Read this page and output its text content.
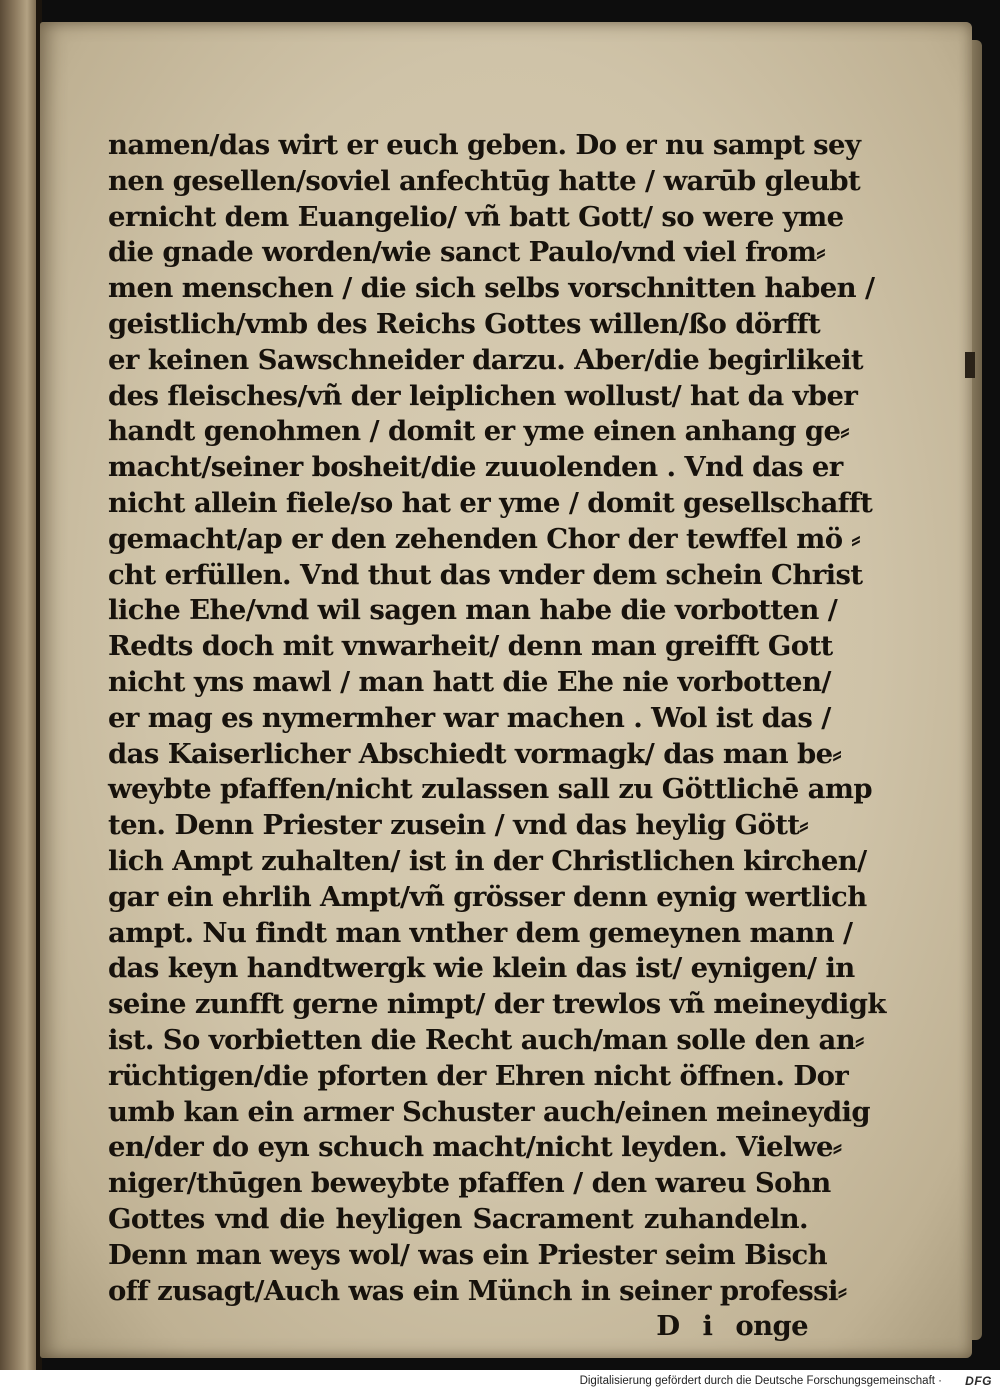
namen/das wirt er euch geben. Do er nu sampt sey
nen gesellen/soviel anfechtūg hatte / warūb gleubt
ernicht dem Euangelio/ vñ batt Gott/ so were yme
die gnade worden/wie sanct Paulo/vnd viel from⸗
men menschen / die sich selbs vorschnitten haben /
geistlich/vmb des Reichs Gottes willen/ßo dörfft
er keinen Sawschneider darzu. Aber/die begirlikeit
des fleisches/vñ der leiplichen wollust/ hat da vber
handt genohmen / domit er yme einen anhang ge⸗
macht/seiner bosheit/die zuuolenden . Vnd das er
nicht allein fiele/so hat er yme / domit gesellschafft
gemacht/ap er den zehenden Chor der tewffel mö ⸗
cht erfüllen. Vnd thut das vnder dem schein Christ
liche Ehe/vnd wil sagen man habe die vorbotten /
Redts doch mit vnwarheit/ denn man greifft Gott
nicht yns mawl / man hatt die Ehe nie vorbotten/
er mag es nymermher war machen . Wol ist das /
das Kaiserlicher Abschiedt vormagk/ das man be⸗
weybte pfaffen/nicht zulassen sall zu Göttlichē amp
ten. Denn Priester zusein / vnd das heylig Gött⸗
lich Ampt zuhalten/ ist in der Christlichen kirchen/
gar ein ehrlih Ampt/vñ grösser denn eynig wertlich
ampt. Nu findt man vnther dem gemeynen mann /
das keyn handtwergk wie klein das ist/ eynigen/ in
seine zunfft gerne nimpt/ der trewlos vñ meineydigk
ist. So vorbietten die Recht auch/man solle den an⸗
rüchtigen/die pforten der Ehren nicht öffnen. Dor
umb kan ein armer Schuster auch/einen meineydig
en/der do eyn schuch macht/nicht leyden. Vielwe⸗
niger/thūgen beweybte pfaffen / den wareu Sohn
Gottes vnd die heyligen Sacrament zuhandeln.
Denn man weys wol/ was ein Priester seim Bisch
off zusagt/Auch was ein Münch in seiner professi⸗
D i onge
Digitalisierung gefördert durch die Deutsche Forschungsgemeinschaft · DFG
